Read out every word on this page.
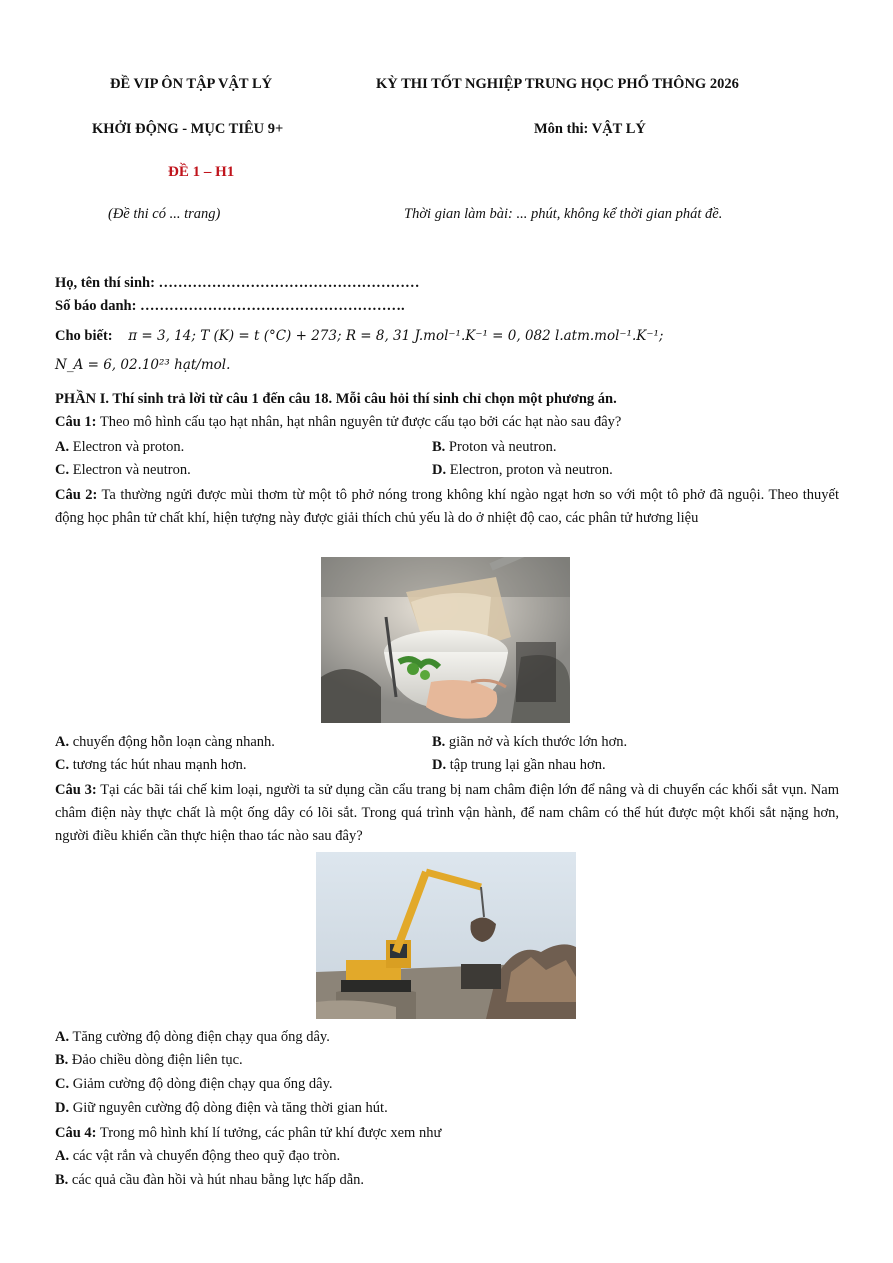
ĐỀ VIP ÔN TẬP VẬT LÝ	KỲ THI TỐT NGHIỆP TRUNG HỌC PHỔ THÔNG 2026
KHỞI ĐỘNG - MỤC TIÊU 9+	Môn thi: VẬT LÝ
ĐỀ 1 – H1
(Đề thi có ... trang)	Thời gian làm bài: ... phút, không kể thời gian phát đề.
Họ, tên thí sinh: ………………………………………………
Số báo danh: ……………………………………………….
Cho biết: π = 3, 14; T (K) = t (°C) + 273; R = 8, 31 J.mol⁻¹.K⁻¹ = 0, 082 l.atm.mol⁻¹.K⁻¹;
N_A = 6, 02.10²³ hạt/mol.
PHẦN I. Thí sinh trả lời từ câu 1 đến câu 18. Mỗi câu hỏi thí sinh chỉ chọn một phương án.
Câu 1: Theo mô hình cấu tạo hạt nhân, hạt nhân nguyên tử được cấu tạo bởi các hạt nào sau đây?
A. Electron và proton.	B. Proton và neutron.
C. Electron và neutron.	D. Electron, proton và neutron.
Câu 2: Ta thường ngửi được mùi thơm từ một tô phở nóng trong không khí ngào ngạt hơn so với một tô phở đã nguội. Theo thuyết động học phân tử chất khí, hiện tượng này được giải thích chủ yếu là do ở nhiệt độ cao, các phân tử hương liệu
A. chuyển động hỗn loạn càng nhanh.	B. giãn nở và kích thước lớn hơn.
C. tương tác hút nhau mạnh hơn.	D. tập trung lại gần nhau hơn.
Câu 3: Tại các bãi tái chế kim loại, người ta sử dụng cần cẩu trang bị nam châm điện lớn để nâng và di chuyển các khối sắt vụn. Nam châm điện này thực chất là một ống dây có lõi sắt. Trong quá trình vận hành, để nam châm có thể hút được một khối sắt nặng hơn, người điều khiển cần thực hiện thao tác nào sau đây?
A. Tăng cường độ dòng điện chạy qua ống dây.
B. Đảo chiều dòng điện liên tục.
C. Giảm cường độ dòng điện chạy qua ống dây.
D. Giữ nguyên cường độ dòng điện và tăng thời gian hút.
Câu 4: Trong mô hình khí lí tưởng, các phân tử khí được xem như
A. các vật rắn và chuyển động theo quỹ đạo tròn.
B. các quả cầu đàn hồi và hút nhau bằng lực hấp dẫn.
